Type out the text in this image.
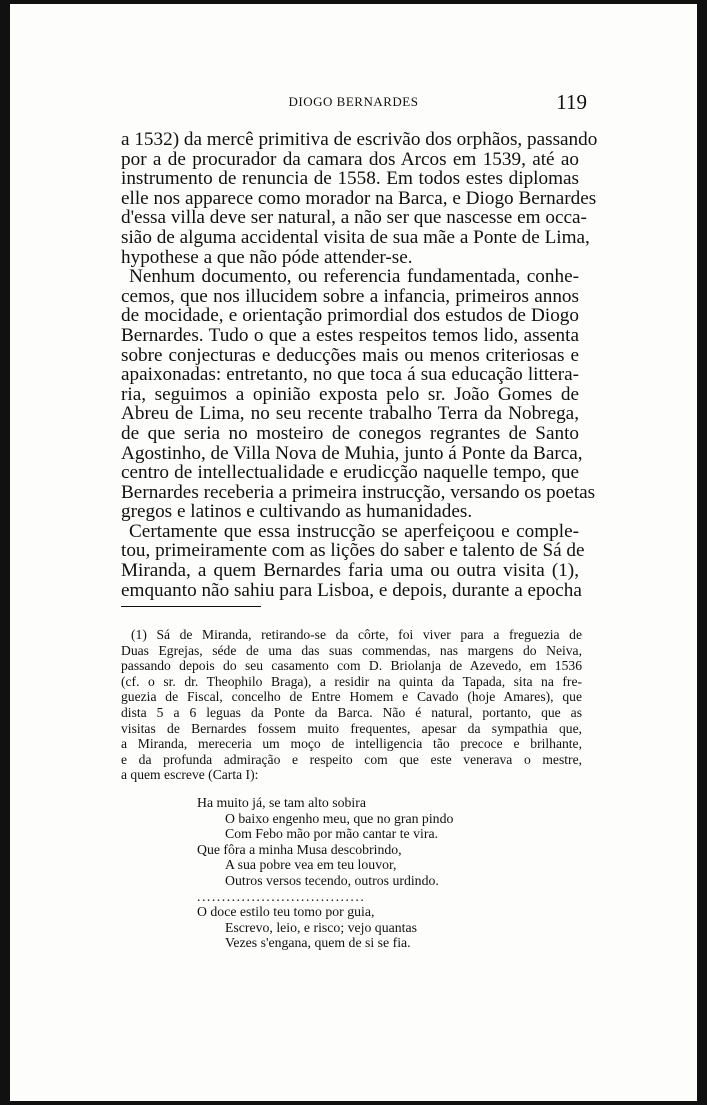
DIOGO BERNARDES	119
a 1532) da mercê primitiva de escrivão dos orphãos, passando
por a de procurador da camara dos Arcos em 1539, até ao
instrumento de renuncia de 1558. Em todos estes diplomas
elle nos apparece como morador na Barca, e Diogo Bernardes
d'essa villa deve ser natural, a não ser que nascesse em occa-
sião de alguma accidental visita de sua mãe a Ponte de Lima,
hypothese a que não póde attender-se.
Nenhum documento, ou referencia fundamentada, conhe-
cemos, que nos illucidem sobre a infancia, primeiros annos
de mocidade, e orientação primordial dos estudos de Diogo
Bernardes. Tudo o que a estes respeitos temos lido, assenta
sobre conjecturas e deducções mais ou menos criteriosas e
apaixonadas: entretanto, no que toca á sua educação littera-
ria, seguimos a opinião exposta pelo sr. João Gomes de
Abreu de Lima, no seu recente trabalho Terra da Nobrega,
de que seria no mosteiro de conegos regrantes de Santo
Agostinho, de Villa Nova de Muhia, junto á Ponte da Barca,
centro de intellectualidade e erudicção naquelle tempo, que
Bernardes receberia a primeira instrucção, versando os poetas
gregos e latinos e cultivando as humanidades.
Certamente que essa instrucção se aperfeiçoou e comple-
tou, primeiramente com as lições do saber e talento de Sá de
Miranda, a quem Bernardes faria uma ou outra visita (1),
emquanto não sahiu para Lisboa, e depois, durante a epocha
(1) Sá de Miranda, retirando-se da côrte, foi viver para a freguezia de
Duas Egrejas, séde de uma das suas commendas, nas margens do Neiva,
passando depois do seu casamento com D. Briolanja de Azevedo, em 1536
(cf. o sr. dr. Theophilo Braga), a residir na quinta da Tapada, sita na fre-
guezia de Fiscal, concelho de Entre Homem e Cavado (hoje Amares), que
dista 5 a 6 leguas da Ponte da Barca. Não é natural, portanto, que as
visitas de Bernardes fossem muito frequentes, apesar da sympathia que,
a Miranda, mereceria um moço de intelligencia tão precoce e brilhante,
e da profunda admiração e respeito com que este venerava o mestre,
a quem escreve (Carta I):
Ha muito já, se tam alto sobira
O baixo engenho meu, que no gran pindo
Com Febo mão por mão cantar te vira.
Que fôra a minha Musa descobrindo,
A sua pobre vea em teu louvor,
Outros versos tecendo, outros urdindo.
..................................
O doce estilo teu tomo por guia,
Escrevo, leio, e risco; vejo quantas
Vezes s'engana, quem de si se fia.
